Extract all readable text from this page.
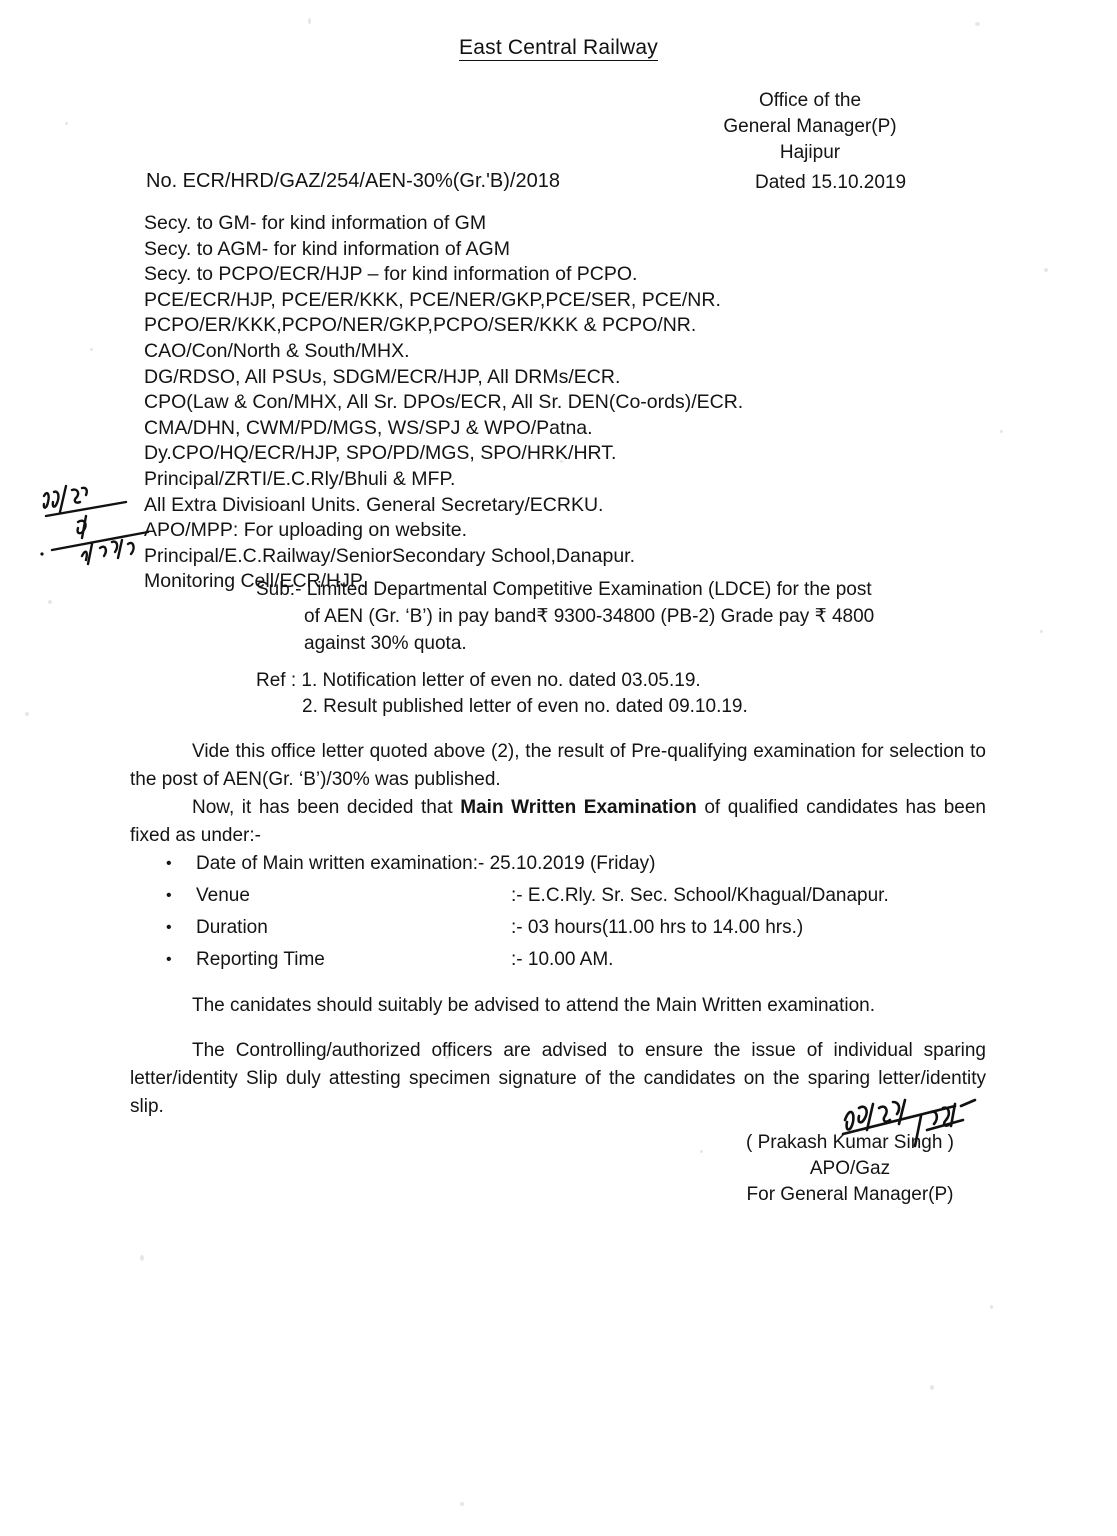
East Central Railway
Office of the
General Manager(P)
Hajipur
No. ECR/HRD/GAZ/254/AEN-30%(Gr.'B)/2018	Dated 15.10.2019
Secy. to GM- for kind information of GM
Secy. to AGM- for kind information of AGM
Secy. to PCPO/ECR/HJP – for kind information of PCPO.
PCE/ECR/HJP, PCE/ER/KKK, PCE/NER/GKP,PCE/SER, PCE/NR.
PCPO/ER/KKK,PCPO/NER/GKP,PCPO/SER/KKK & PCPO/NR.
CAO/Con/North & South/MHX.
DG/RDSO, All PSUs, SDGM/ECR/HJP, All DRMs/ECR.
CPO(Law & Con/MHX, All Sr. DPOs/ECR, All Sr. DEN(Co-ords)/ECR.
CMA/DHN, CWM/PD/MGS, WS/SPJ & WPO/Patna.
Dy.CPO/HQ/ECR/HJP, SPO/PD/MGS, SPO/HRK/HRT.
Principal/ZRTI/E.C.Rly/Bhuli & MFP.
All Extra Divisioanl Units. General Secretary/ECRKU.
APO/MPP: For uploading on website.
Principal/E.C.Railway/SeniorSecondary School,Danapur.
Monitoring Cell/ECR/HJP.
Sub:- Limited Departmental Competitive Examination (LDCE) for the post
of AEN (Gr. ‘B’) in pay band₹ 9300-34800 (PB-2) Grade pay ₹ 4800
against 30% quota.
Ref : 1. Notification letter of even no. dated 03.05.19.
2. Result published letter of even no. dated 09.10.19.
Vide this office letter quoted above (2), the result of Pre-qualifying examination for selection to the post of AEN(Gr. ‘B’)/30% was published.
Now, it has been decided that Main Written Examination of qualified candidates has been fixed as under:-
• Date of Main written examination:- 25.10.2019 (Friday)
• Venue	:- E.C.Rly. Sr. Sec. School/Khagual/Danapur.
• Duration	:- 03 hours(11.00 hrs to 14.00 hrs.)
• Reporting Time	:- 10.00 AM.
The canidates should suitably be advised to attend the Main Written examination.
The Controlling/authorized officers are advised to ensure the issue of individual sparing letter/identity Slip duly attesting specimen signature of the candidates on the sparing letter/identity slip.
( Prakash Kumar Singh )
APO/Gaz
For General Manager(P)
